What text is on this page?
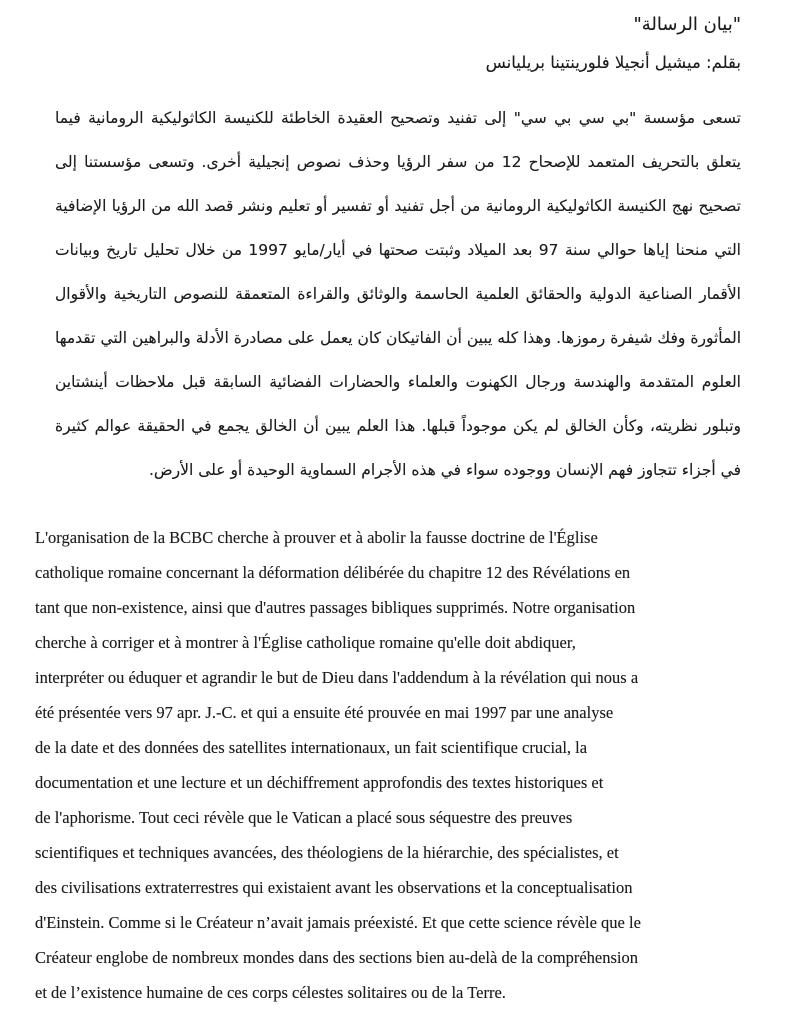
"بيان الرسالة"
بقلم: ميشيل أنجيلا فلورينتينا بريليانس
تسعى مؤسسة "بي سي بي سي" إلى تفنيد وتصحيح العقيدة الخاطئة للكنيسة الكاثوليكية الرومانية فيما يتعلق بالتحريف المتعمد للإصحاح 12 من سفر الرؤيا وحذف نصوص إنجيلية أخرى. وتسعى مؤسستنا إلى تصحيح نهج الكنيسة الكاثوليكية الرومانية من أجل تفنيد أو تفسير أو تعليم ونشر قصد الله من الرؤيا الإضافية التي منحنا إياها حوالي سنة 97 بعد الميلاد وثبتت صحتها في أيار/مايو 1997 من خلال تحليل تاريخ وبيانات الأقمار الصناعية الدولية والحقائق العلمية الحاسمة والوثائق والقراءة المتعمقة للنصوص التاريخية والأقوال المأثورة وفك شيفرة رموزها. وهذا كله يبين أن الفاتيكان كان يعمل على مصادرة الأدلة والبراهين التي تقدمها العلوم المتقدمة والهندسة ورجال الكهنوت والعلماء والحضارات الفضائية السابقة قبل ملاحظات أينشتاين وتبلور نظريته، وكأن الخالق لم يكن موجوداً قبلها. هذا العلم يبين أن الخالق يجمع في الحقيقة عوالم كثيرة في أجزاء تتجاوز فهم الإنسان ووجوده سواء في هذه الأجرام السماوية الوحيدة أو على الأرض.
L'organisation de la BCBC cherche à prouver et à abolir la fausse doctrine de l'Église
catholique romaine concernant la déformation délibérée du chapitre 12 des Révélations en
tant que non-existence, ainsi que d'autres passages bibliques supprimés. Notre organisation
cherche à corriger et à montrer à l'Église catholique romaine qu'elle doit abdiquer,
interpréter ou éduquer et agrandir le but de Dieu dans l'addendum à la révélation qui nous a
été présentée vers 97 apr. J.-C. et qui a ensuite été prouvée en mai 1997 par une analyse
de la date et des données des satellites internationaux, un fait scientifique crucial, la
documentation et une lecture et un déchiffrement approfondis des textes historiques et
de l'aphorisme. Tout ceci révèle que le Vatican a placé sous séquestre des preuves
scientifiques et techniques avancées, des théologiens de la hiérarchie, des spécialistes, et
des civilisations extraterrestres qui existaient avant les observations et la conceptualisation
d'Einstein. Comme si le Créateur n’avait jamais préexisté. Et que cette science révèle que le
Créateur englobe de nombreux mondes dans des sections bien au-delà de la compréhension
et de l’existence humaine de ces corps célestes solitaires ou de la Terre.
